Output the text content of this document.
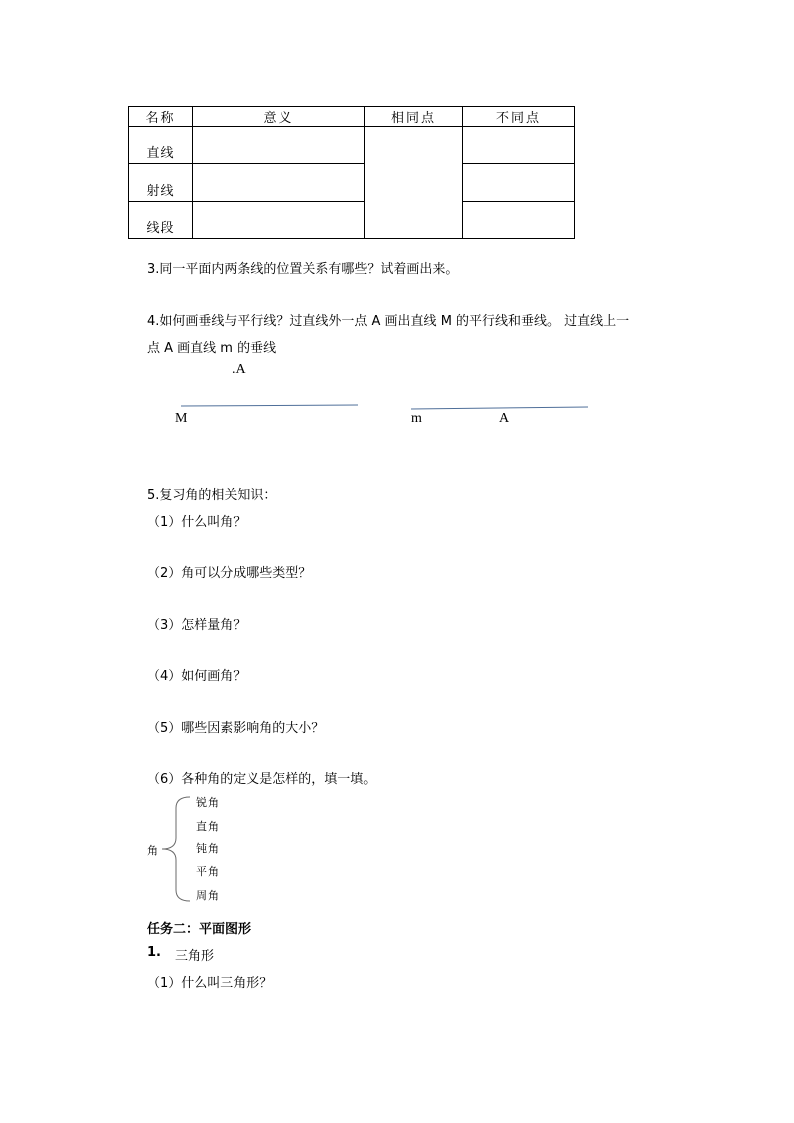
名称	意义	相同点	不同点
直线			
射线			
线段			
3.同一平面内两条线的位置关系有哪些？试着画出来。
4.如何画垂线与平行线？过直线外一点 A 画出直线 M 的平行线和垂线。 过直线上一
点 A 画直线 m 的垂线
.A
M	m	A
5.复习角的相关知识：
（1）什么叫角？
（2）角可以分成哪些类型？
（3）怎样量角？
（4）如何画角？
（5）哪些因素影响角的大小？
（6）各种角的定义是怎样的，填一填。
角
锐角
直角
钝角
平角
周角
任务二：平面图形
1. 三角形
（1）什么叫三角形？
